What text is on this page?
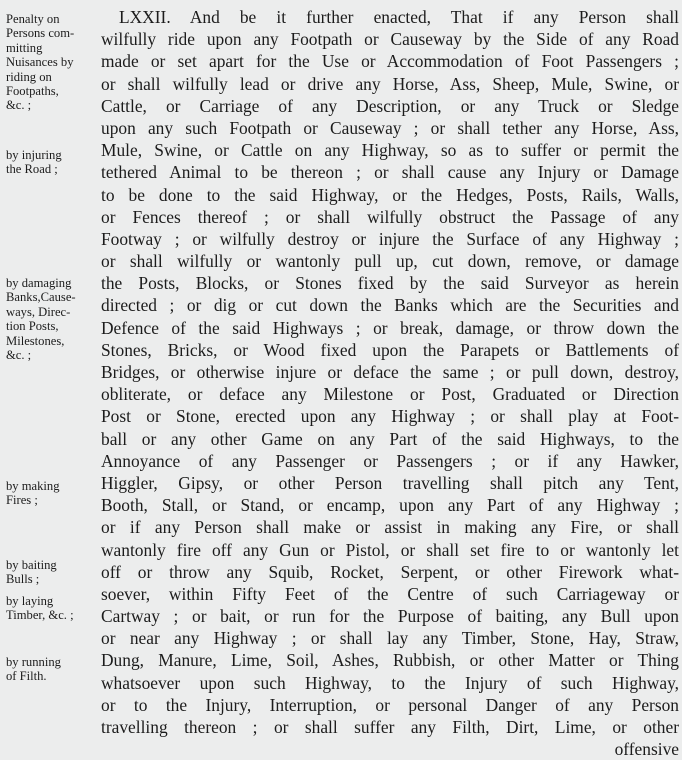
Penalty on
Persons com-
mitting
Nuisances by
riding on
Footpaths,
&c. ;
by injuring
the Road ;
by damaging
Banks,Cause-
ways, Direc-
tion Posts,
Milestones,
&c. ;
by making
Fires ;
by baiting
Bulls ;
by laying
Timber, &c. ;
by running
of Filth.
LXXII. And be it further enacted, That if any Person shall
wilfully ride upon any Footpath or Causeway by the Side of any Road
made or set apart for the Use or Accommodation of Foot Passengers ;
or shall wilfully lead or drive any Horse, Ass, Sheep, Mule, Swine, or
Cattle, or Carriage of any Description, or any Truck or Sledge
upon any such Footpath or Causeway ; or shall tether any Horse, Ass,
Mule, Swine, or Cattle on any Highway, so as to suffer or permit the
tethered Animal to be thereon ; or shall cause any Injury or Damage
to be done to the said Highway, or the Hedges, Posts, Rails, Walls,
or Fences thereof ; or shall wilfully obstruct the Passage of any
Footway ; or wilfully destroy or injure the Surface of any Highway ;
or shall wilfully or wantonly pull up, cut down, remove, or damage
the Posts, Blocks, or Stones fixed by the said Surveyor as herein
directed ; or dig or cut down the Banks which are the Securities and
Defence of the said Highways ; or break, damage, or throw down the
Stones, Bricks, or Wood fixed upon the Parapets or Battlements of
Bridges, or otherwise injure or deface the same ; or pull down, destroy,
obliterate, or deface any Milestone or Post, Graduated or Direction
Post or Stone, erected upon any Highway ; or shall play at Foot-
ball or any other Game on any Part of the said Highways, to the
Annoyance of any Passenger or Passengers ; or if any Hawker,
Higgler, Gipsy, or other Person travelling shall pitch any Tent,
Booth, Stall, or Stand, or encamp, upon any Part of any Highway ;
or if any Person shall make or assist in making any Fire, or shall
wantonly fire off any Gun or Pistol, or shall set fire to or wantonly let
off or throw any Squib, Rocket, Serpent, or other Firework what-
soever, within Fifty Feet of the Centre of such Carriageway or
Cartway ; or bait, or run for the Purpose of baiting, any Bull upon
or near any Highway ; or shall lay any Timber, Stone, Hay, Straw,
Dung, Manure, Lime, Soil, Ashes, Rubbish, or other Matter or Thing
whatsoever upon such Highway, to the Injury of such Highway,
or to the Injury, Interruption, or personal Danger of any Person
travelling thereon ; or shall suffer any Filth, Dirt, Lime, or other
offensive
